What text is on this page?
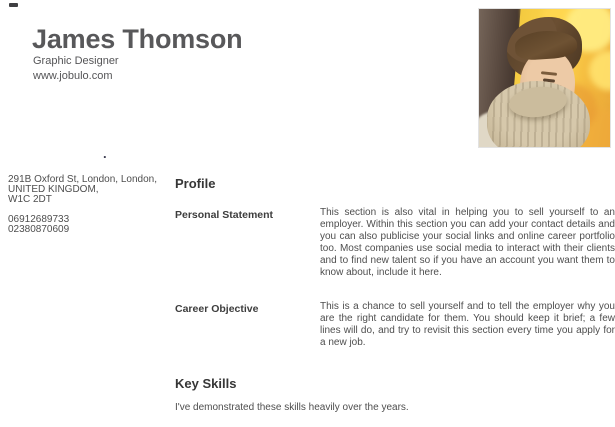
James Thomson
Graphic Designer
www.jobulo.com
.
291B Oxford St, London, London,
UNITED KINGDOM,
W1C 2DT
06912689733
02380870609
Profile
Personal Statement	This section is also vital in helping you to sell yourself to an employer. Within this section you can add your contact details and you can also publicise your social links and online career portfolio too. Most companies use social media to interact with their clients and to find new talent so if you have an account you want them to know about, include it here.

Career Objective	This is a chance to sell yourself and to tell the employer why you are the right candidate for them. You should keep it brief; a few lines will do, and try to revisit this section every time you apply for a new job.

Key Skills

I've demonstrated these skills heavily over the years.
